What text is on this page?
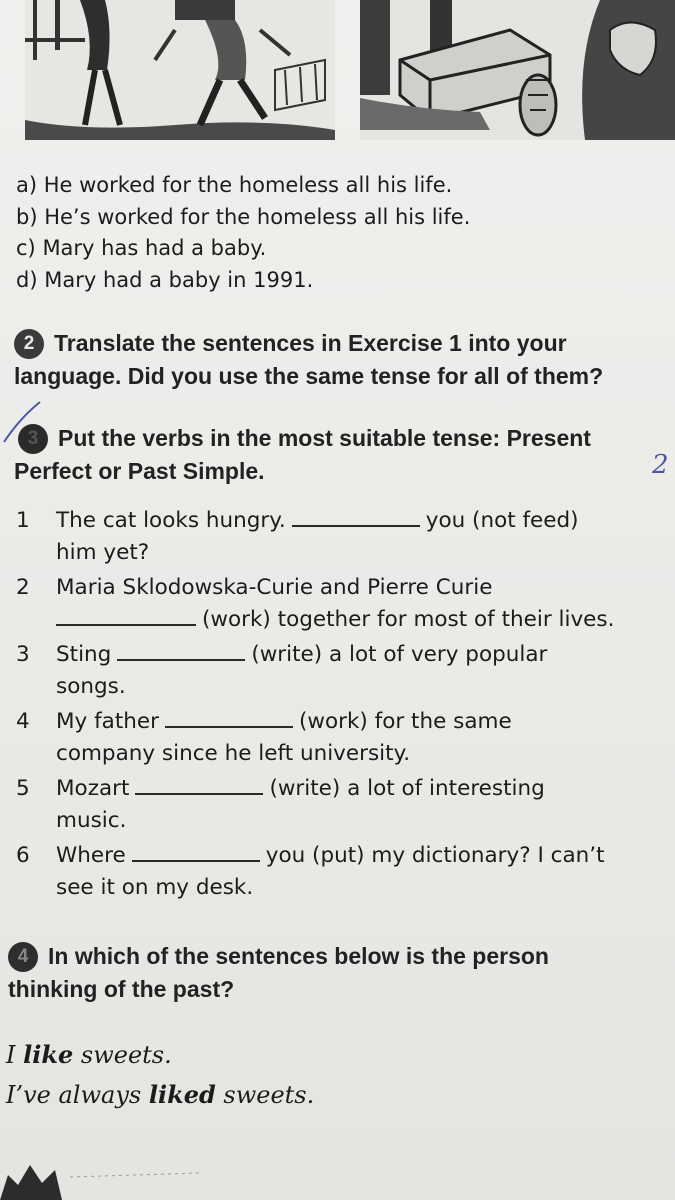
a) He worked for the homeless all his life.
b) He’s worked for the homeless all his life.
c) Mary has had a baby.
d) Mary had a baby in 1991.
2 Translate the sentences in Exercise 1 into your
language. Did you use the same tense for all of them?
3 Put the verbs in the most suitable tense: Present
Perfect or Past Simple.	2
1 The cat looks hungry.	you (not feed)
him yet?
2 Maria Sklodowska-Curie and Pierre Curie
(work) together for most of their lives.
3 Sting	(write) a lot of very popular
songs.
4 My father	(work) for the same
company since he left university.
5 Mozart	(write) a lot of interesting
music.
6 Where	you (put) my dictionary? I can’t
see it on my desk.
4 In which of the sentences below is the person
thinking of the past?
I like sweets.
I’ve always liked sweets.
